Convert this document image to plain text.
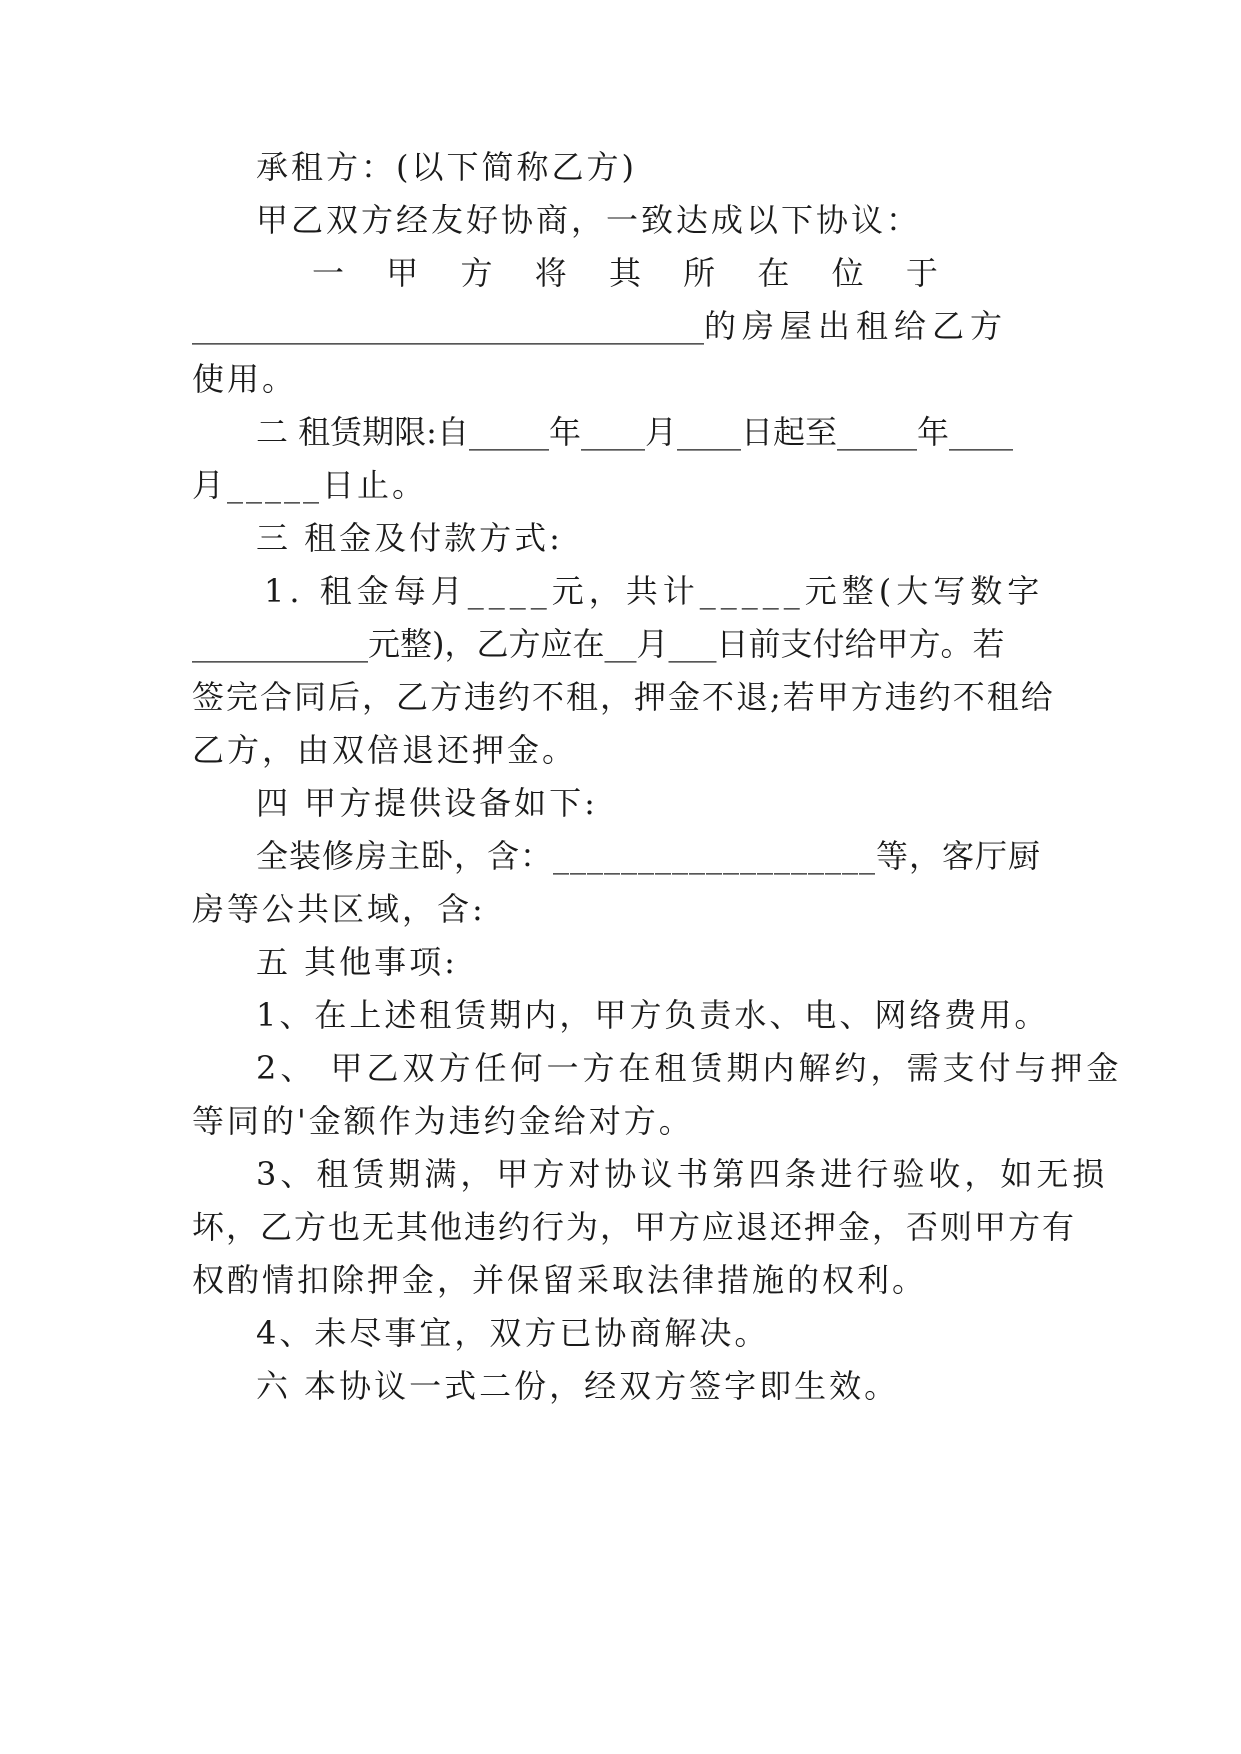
承租方：(以下简称乙方)
甲乙双方经友好协商，一致达成以下协议：
一 甲 方 将 其 所 在 位 于
________________________________的房屋出租给乙方
使用。
二 租赁期限:自_____年____月____日起至_____年____
月_____日止。
三 租金及付款方式:
1. 租金每月____元，共计_____元整(大写数字
___________元整)，乙方应在__月___日前支付给甲方。若
签完合同后，乙方违约不租，押金不退;若甲方违约不租给
乙方，由双倍退还押金。
四 甲方提供设备如下:
全装修房主卧，含：___________________等，客厅厨
房等公共区域，含:
五 其他事项:
1、在上述租赁期内，甲方负责水、电、网络费用。
2、 甲乙双方任何一方在租赁期内解约，需支付与押金
等同的'金额作为违约金给对方。
3、租赁期满，甲方对协议书第四条进行验收，如无损
坏，乙方也无其他违约行为，甲方应退还押金，否则甲方有
权酌情扣除押金，并保留采取法律措施的权利。
4、未尽事宜，双方已协商解决。
六 本协议一式二份，经双方签字即生效。
